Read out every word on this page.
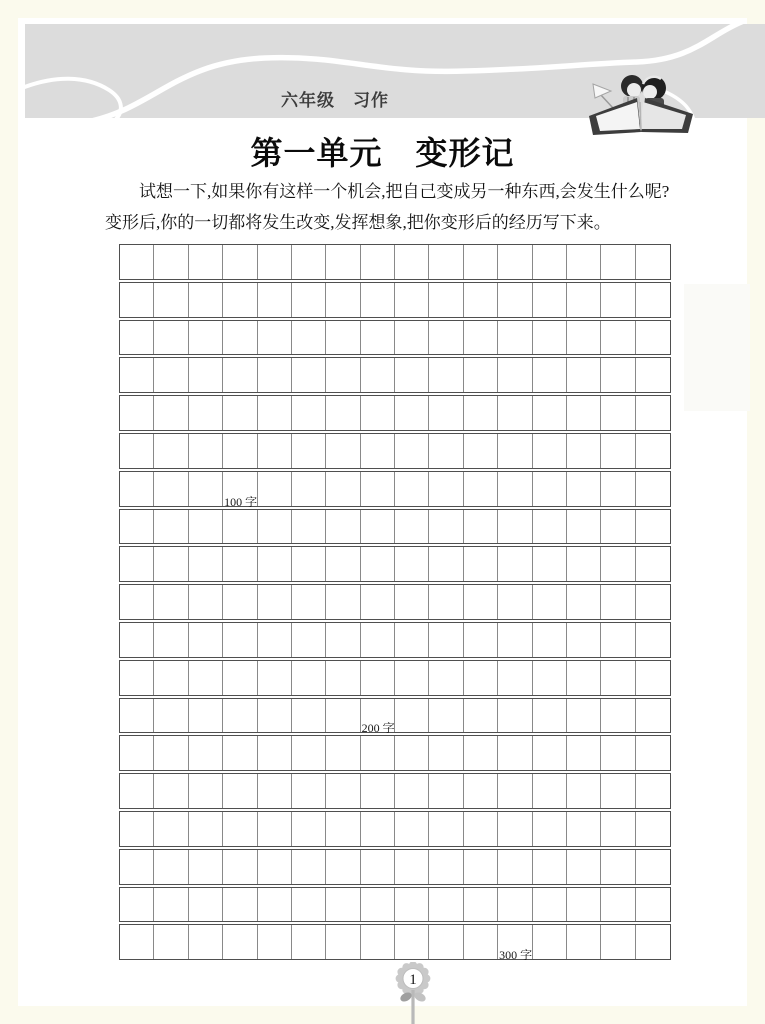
六年级　习作
第一单元　变形记
试想一下,如果你有这样一个机会,把自己变成另一种东西,会发生什么呢?
变形后,你的一切都将发生改变,发挥想象,把你变形后的经历写下来。
100 字
200 字
300 字
1
